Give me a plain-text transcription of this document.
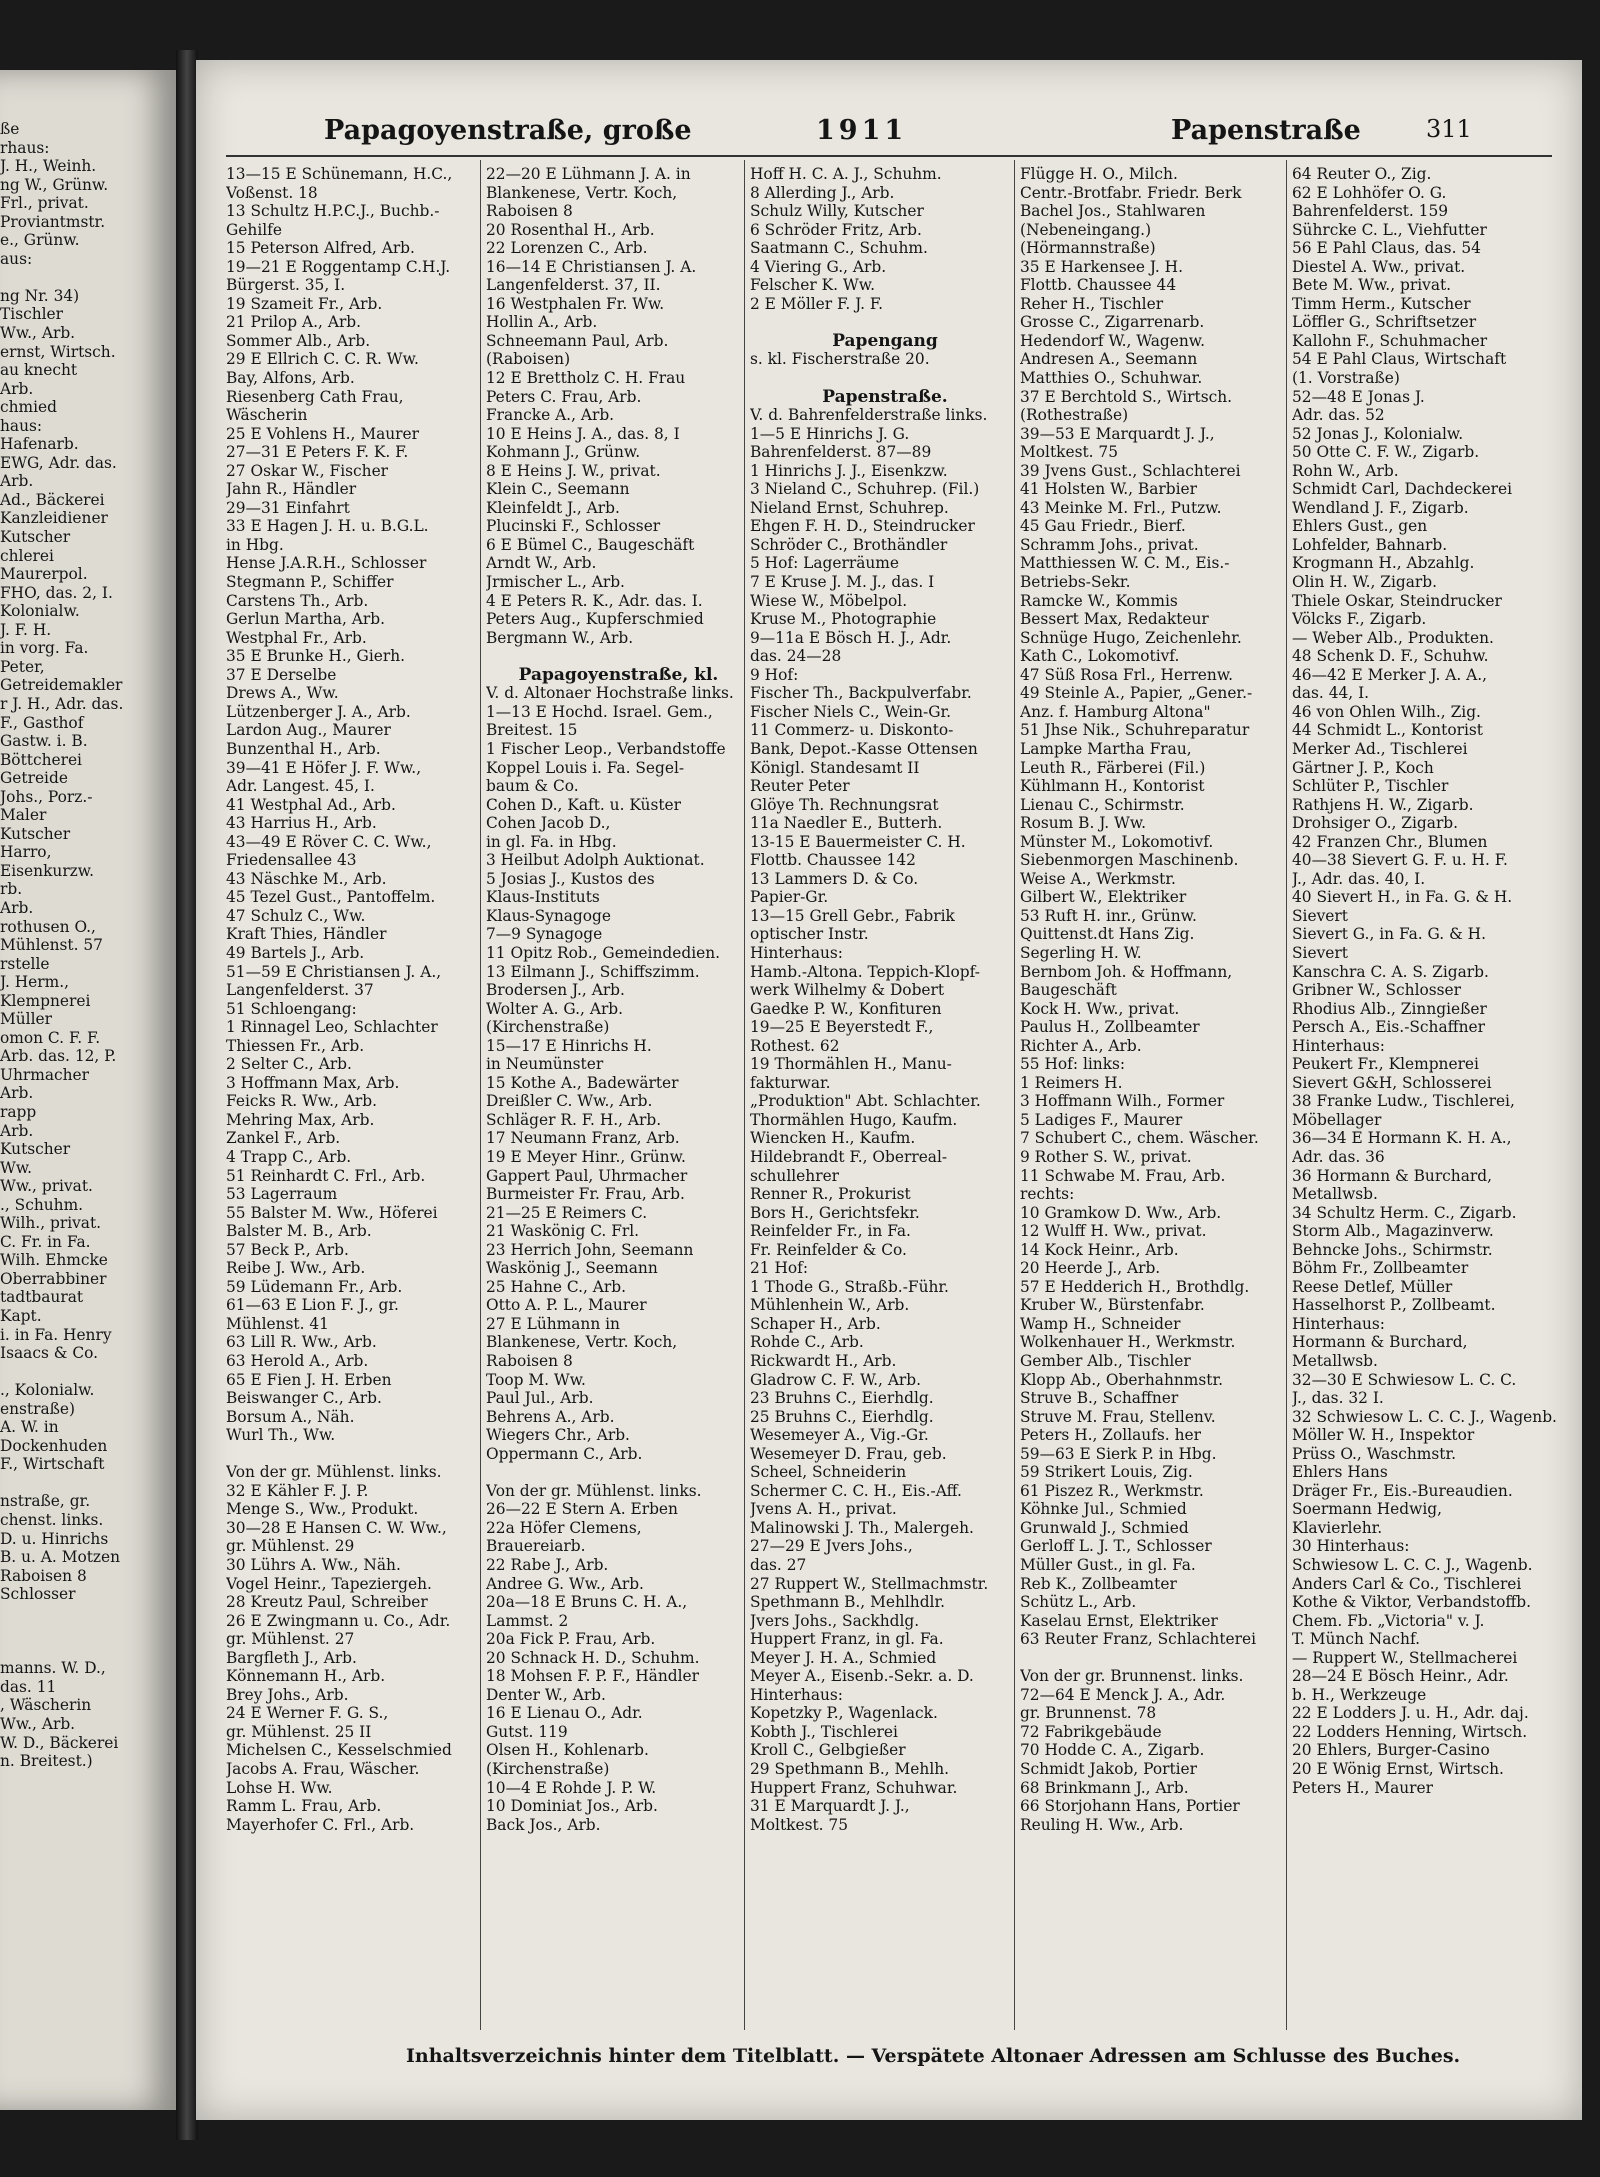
ße
rhaus:
J. H., Weinh.
ng W., Grünw.
Frl., privat.
Proviantmstr.
e., Grünw.
aus:
ng Nr. 34)
Tischler
Ww., Arb.
ernst, Wirtsch.
au knecht
Arb.
chmied
haus:
Hafenarb.
EWG, Adr. das.
Arb.
Ad., Bäckerei
Kanzleidiener
Kutscher
chlerei
Maurerpol.
FHO, das. 2, I.
Kolonialw.
J. F. H.
in vorg. Fa.
Peter,
Getreidemakler
r J. H., Adr. das.
F., Gasthof
Gastw. i. B.
Böttcherei
Getreide
Johs., Porz.-
Maler
Kutscher
Harro,
Eisenkurzw.
rb.
Arb.
rothusen O.,
Mühlenst. 57
rstelle
J. Herm.,
Klempnerei
Müller
omon C. F. F.
Arb. das. 12, P.
Uhrmacher
Arb.
rapp
Arb.
Kutscher
Ww.
Ww., privat.
., Schuhm.
Wilh., privat.
C. Fr. in Fa.
Wilh. Ehmcke
Oberrabbiner
tadtbaurat
Kapt.
i. in Fa. Henry
Isaacs & Co.
., Kolonialw.
enstraße)
A. W. in
Dockenhuden
F., Wirtschaft
nstraße, gr.
chenst. links.
D. u. Hinrichs
B. u. A. Motzen
Raboisen 8
Schlosser
manns. W. D.,
das. 11
, Wäscherin
Ww., Arb.
W. D., Bäckerei
n. Breitest.)
Papagoyenstraße, große	1911	Papenstraße	311
13—15 E Schünemann, H.C.,
Voßenst. 18
13 Schultz H.P.C.J., Buchb.-
Gehilfe
15 Peterson Alfred, Arb.
19—21 E Roggentamp C.H.J.
Bürgerst. 35, I.
19 Szameit Fr., Arb.
21 Prilop A., Arb.
Sommer Alb., Arb.
29 E Ellrich C. C. R. Ww.
Bay, Alfons, Arb.
Riesenberg Cath Frau,
Wäscherin
25 E Vohlens H., Maurer
27—31 E Peters F. K. F.
27 Oskar W., Fischer
Jahn R., Händler
29—31 Einfahrt
33 E Hagen J. H. u. B.G.L.
in Hbg.
Hense J.A.R.H., Schlosser
Stegmann P., Schiffer
Carstens Th., Arb.
Gerlun Martha, Arb.
Westphal Fr., Arb.
35 E Brunke H., Gierh.
37 E Derselbe
Drews A., Ww.
Lützenberger J. A., Arb.
Lardon Aug., Maurer
Bunzenthal H., Arb.
39—41 E Höfer J. F. Ww.,
Adr. Langest. 45, I.
41 Westphal Ad., Arb.
43 Harrius H., Arb.
43—49 E Röver C. C. Ww.,
Friedensallee 43
43 Näschke M., Arb.
45 Tezel Gust., Pantoffelm.
47 Schulz C., Ww.
Kraft Thies, Händler
49 Bartels J., Arb.
51—59 E Christiansen J. A.,
Langenfelderst. 37
51 Schloengang:
1 Rinnagel Leo, Schlachter
Thiessen Fr., Arb.
2 Selter C., Arb.
3 Hoffmann Max, Arb.
Feicks R. Ww., Arb.
Mehring Max, Arb.
Zankel F., Arb.
4 Trapp C., Arb.
51 Reinhardt C. Frl., Arb.
53 Lagerraum
55 Balster M. Ww., Höferei
Balster M. B., Arb.
57 Beck P., Arb.
Reibe J. Ww., Arb.
59 Lüdemann Fr., Arb.
61—63 E Lion F. J., gr.
Mühlenst. 41
63 Lill R. Ww., Arb.
63 Herold A., Arb.
65 E Fien J. H. Erben
Beiswanger C., Arb.
Borsum A., Näh.
Wurl Th., Ww.
Von der gr. Mühlenst. links.
32 E Kähler F. J. P.
Menge S., Ww., Produkt.
30—28 E Hansen C. W. Ww.,
gr. Mühlenst. 29
30 Lührs A. Ww., Näh.
Vogel Heinr., Tapeziergeh.
28 Kreutz Paul, Schreiber
26 E Zwingmann u. Co., Adr.
gr. Mühlenst. 27
Bargfleth J., Arb.
Könnemann H., Arb.
Brey Johs., Arb.
24 E Werner F. G. S.,
gr. Mühlenst. 25 II
Michelsen C., Kesselschmied
Jacobs A. Frau, Wäscher.
Lohse H. Ww.
Ramm L. Frau, Arb.
Mayerhofer C. Frl., Arb.
22—20 E Lühmann J. A. in
Blankenese, Vertr. Koch,
Raboisen 8
20 Rosenthal H., Arb.
22 Lorenzen C., Arb.
16—14 E Christiansen J. A.
Langenfelderst. 37, II.
16 Westphalen Fr. Ww.
Hollin A., Arb.
Schneemann Paul, Arb.
(Raboisen)
12 E Brettholz C. H. Frau
Peters C. Frau, Arb.
Francke A., Arb.
10 E Heins J. A., das. 8, I
Kohmann J., Grünw.
8 E Heins J. W., privat.
Klein C., Seemann
Kleinfeldt J., Arb.
Plucinski F., Schlosser
6 E Bümel C., Baugeschäft
Arndt W., Arb.
Jrmischer L., Arb.
4 E Peters R. K., Adr. das. I.
Peters Aug., Kupferschmied
Bergmann W., Arb.
Papagoyenstraße, kl.
V. d. Altonaer Hochstraße links.
1—13 E Hochd. Israel. Gem.,
Breitest. 15
1 Fischer Leop., Verbandstoffe
Koppel Louis i. Fa. Segel-
baum & Co.
Cohen D., Kaft. u. Küster
Cohen Jacob D.,
in gl. Fa. in Hbg.
3 Heilbut Adolph Auktionat.
5 Josias J., Kustos des
Klaus-Instituts
Klaus-Synagoge
7—9 Synagoge
11 Opitz Rob., Gemeindedien.
13 Eilmann J., Schiffszimm.
Brodersen J., Arb.
Wolter A. G., Arb.
(Kirchenstraße)
15—17 E Hinrichs H.
in Neumünster
15 Kothe A., Badewärter
Dreißler C. Ww., Arb.
Schläger R. F. H., Arb.
17 Neumann Franz, Arb.
19 E Meyer Hinr., Grünw.
Gappert Paul, Uhrmacher
Burmeister Fr. Frau, Arb.
21—25 E Reimers C.
21 Waskönig C. Frl.
23 Herrich John, Seemann
Waskönig J., Seemann
25 Hahne C., Arb.
Otto A. P. L., Maurer
27 E Lühmann in
Blankenese, Vertr. Koch,
Raboisen 8
Toop M. Ww.
Paul Jul., Arb.
Behrens A., Arb.
Wiegers Chr., Arb.
Oppermann C., Arb.
Von der gr. Mühlenst. links.
26—22 E Stern A. Erben
22a Höfer Clemens,
Brauereiarb.
22 Rabe J., Arb.
Andree G. Ww., Arb.
20a—18 E Bruns C. H. A.,
Lammst. 2
20a Fick P. Frau, Arb.
20 Schnack H. D., Schuhm.
18 Mohsen F. P. F., Händler
Denter W., Arb.
16 E Lienau O., Adr.
Gutst. 119
Olsen H., Kohlenarb.
(Kirchenstraße)
10—4 E Rohde J. P. W.
10 Dominiat Jos., Arb.
Back Jos., Arb.
Hoff H. C. A. J., Schuhm.
8 Allerding J., Arb.
Schulz Willy, Kutscher
6 Schröder Fritz, Arb.
Saatmann C., Schuhm.
4 Viering G., Arb.
Felscher K. Ww.
2 E Möller F. J. F.
Papengang
s. kl. Fischerstraße 20.
Papenstraße.
V. d. Bahrenfelderstraße links.
1—5 E Hinrichs J. G.
Bahrenfelderst. 87—89
1 Hinrichs J. J., Eisenkzw.
3 Nieland C., Schuhrep. (Fil.)
Nieland Ernst, Schuhrep.
Ehgen F. H. D., Steindrucker
Schröder C., Brothändler
5 Hof: Lagerräume
7 E Kruse J. M. J., das. I
Wiese W., Möbelpol.
Kruse M., Photographie
9—11a E Bösch H. J., Adr.
das. 24—28
9 Hof:
Fischer Th., Backpulverfabr.
Fischer Niels C., Wein-Gr.
11 Commerz- u. Diskonto-
Bank, Depot.-Kasse Ottensen
Königl. Standesamt II
Reuter Peter
Glöye Th. Rechnungsrat
11a Naedler E., Butterh.
13-15 E Bauermeister C. H.
Flottb. Chaussee 142
13 Lammers D. & Co.
Papier-Gr.
13—15 Grell Gebr., Fabrik
optischer Instr.
Hinterhaus:
Hamb.-Altona. Teppich-Klopf-
werk Wilhelmy & Dobert
Gaedke P. W., Konfituren
19—25 E Beyerstedt F.,
Rothest. 62
19 Thormählen H., Manu-
fakturwar.
„Produktion" Abt. Schlachter.
Thormählen Hugo, Kaufm.
Wiencken H., Kaufm.
Hildebrandt F., Oberreal-
schullehrer
Renner R., Prokurist
Bors H., Gerichtsfekr.
Reinfelder Fr., in Fa.
Fr. Reinfelder & Co.
21 Hof:
1 Thode G., Straßb.-Führ.
Mühlenhein W., Arb.
Schaper H., Arb.
Rohde C., Arb.
Rickwardt H., Arb.
Gladrow C. F. W., Arb.
23 Bruhns C., Eierhdlg.
25 Bruhns C., Eierhdlg.
Wesemeyer A., Vig.-Gr.
Wesemeyer D. Frau, geb.
Scheel, Schneiderin
Schermer C. C. H., Eis.-Aff.
Jvens A. H., privat.
Malinowski J. Th., Malergeh.
27—29 E Jvers Johs.,
das. 27
27 Ruppert W., Stellmachmstr.
Spethmann B., Mehlhdlr.
Jvers Johs., Sackhdlg.
Huppert Franz, in gl. Fa.
Meyer J. H. A., Schmied
Meyer A., Eisenb.-Sekr. a. D.
Hinterhaus:
Kopetzky P., Wagenlack.
Kobth J., Tischlerei
Kroll C., Gelbgießer
29 Spethmann B., Mehlh.
Huppert Franz, Schuhwar.
31 E Marquardt J. J.,
Moltkest. 75
Flügge H. O., Milch.
Centr.-Brotfabr. Friedr. Berk
Bachel Jos., Stahlwaren
(Nebeneingang.)
(Hörmannstraße)
35 E Harkensee J. H.
Flottb. Chaussee 44
Reher H., Tischler
Grosse C., Zigarrenarb.
Hedendorf W., Wagenw.
Andresen A., Seemann
Matthies O., Schuhwar.
37 E Berchtold S., Wirtsch.
(Rothestraße)
39—53 E Marquardt J. J.,
Moltkest. 75
39 Jvens Gust., Schlachterei
41 Holsten W., Barbier
43 Meinke M. Frl., Putzw.
45 Gau Friedr., Bierf.
Schramm Johs., privat.
Matthiessen W. C. M., Eis.-
Betriebs-Sekr.
Ramcke W., Kommis
Bessert Max, Redakteur
Schnüge Hugo, Zeichenlehr.
Kath C., Lokomotivf.
47 Süß Rosa Frl., Herrenw.
49 Steinle A., Papier, „Gener.-
Anz. f. Hamburg Altona"
51 Jhse Nik., Schuhreparatur
Lampke Martha Frau,
Leuth R., Färberei (Fil.)
Kühlmann H., Kontorist
Lienau C., Schirmstr.
Rosum B. J. Ww.
Münster M., Lokomotivf.
Siebenmorgen Maschinenb.
Weise A., Werkmstr.
Gilbert W., Elektriker
53 Ruft H. inr., Grünw.
Quittenst.dt Hans Zig.
Segerling H. W.
Bernbom Joh. & Hoffmann,
Baugeschäft
Kock H. Ww., privat.
Paulus H., Zollbeamter
Richter A., Arb.
55 Hof: links:
1 Reimers H.
3 Hoffmann Wilh., Former
5 Ladiges F., Maurer
7 Schubert C., chem. Wäscher.
9 Rother S. W., privat.
11 Schwabe M. Frau, Arb.
rechts:
10 Gramkow D. Ww., Arb.
12 Wulff H. Ww., privat.
14 Kock Heinr., Arb.
20 Heerde J., Arb.
57 E Hedderich H., Brothdlg.
Kruber W., Bürstenfabr.
Wamp H., Schneider
Wolkenhauer H., Werkmstr.
Gember Alb., Tischler
Klopp Ab., Oberhahnmstr.
Struve B., Schaffner
Struve M. Frau, Stellenv.
Peters H., Zollaufs. her
59—63 E Sierk P. in Hbg.
59 Strikert Louis, Zig.
61 Piszez R., Werkmstr.
Köhnke Jul., Schmied
Grunwald J., Schmied
Gerloff L. J. T., Schlosser
Müller Gust., in gl. Fa.
Reb K., Zollbeamter
Schütz L., Arb.
Kaselau Ernst, Elektriker
63 Reuter Franz, Schlachterei
Von der gr. Brunnenst. links.
72—64 E Menck J. A., Adr.
gr. Brunnenst. 78
72 Fabrikgebäude
70 Hodde C. A., Zigarb.
Schmidt Jakob, Portier
68 Brinkmann J., Arb.
66 Storjohann Hans, Portier
Reuling H. Ww., Arb.
64 Reuter O., Zig.
62 E Lohhöfer O. G.
Bahrenfelderst. 159
Sührcke C. L., Viehfutter
56 E Pahl Claus, das. 54
Diestel A. Ww., privat.
Bete M. Ww., privat.
Timm Herm., Kutscher
Löffler G., Schriftsetzer
Kallohn F., Schuhmacher
54 E Pahl Claus, Wirtschaft
(1. Vorstraße)
52—48 E Jonas J.
Adr. das. 52
52 Jonas J., Kolonialw.
50 Otte C. F. W., Zigarb.
Rohn W., Arb.
Schmidt Carl, Dachdeckerei
Wendland J. F., Zigarb.
Ehlers Gust., gen
Lohfelder, Bahnarb.
Krogmann H., Abzahlg.
Olin H. W., Zigarb.
Thiele Oskar, Steindrucker
Völcks F., Zigarb.
— Weber Alb., Produkten.
48 Schenk D. F., Schuhw.
46—42 E Merker J. A. A.,
das. 44, I.
46 von Ohlen Wilh., Zig.
44 Schmidt L., Kontorist
Merker Ad., Tischlerei
Gärtner J. P., Koch
Schlüter P., Tischler
Rathjens H. W., Zigarb.
Drohsiger O., Zigarb.
42 Franzen Chr., Blumen
40—38 Sievert G. F. u. H. F.
J., Adr. das. 40, I.
40 Sievert H., in Fa. G. & H.
Sievert
Sievert G., in Fa. G. & H.
Sievert
Kanschra C. A. S. Zigarb.
Gribner W., Schlosser
Rhodius Alb., Zinngießer
Persch A., Eis.-Schaffner
Hinterhaus:
Peukert Fr., Klempnerei
Sievert G&H, Schlosserei
38 Franke Ludw., Tischlerei,
Möbellager
36—34 E Hormann K. H. A.,
Adr. das. 36
36 Hormann & Burchard,
Metallwsb.
34 Schultz Herm. C., Zigarb.
Storm Alb., Magazinverw.
Behncke Johs., Schirmstr.
Böhm Fr., Zollbeamter
Reese Detlef, Müller
Hasselhorst P., Zollbeamt.
Hinterhaus:
Hormann & Burchard,
Metallwsb.
32—30 E Schwiesow L. C. C.
J., das. 32 I.
32 Schwiesow L. C. C. J., Wagenb.
Möller W. H., Inspektor
Prüss O., Waschmstr.
Ehlers Hans
Dräger Fr., Eis.-Bureaudien.
Soermann Hedwig,
Klavierlehr.
30 Hinterhaus:
Schwiesow L. C. C. J., Wagenb.
Anders Carl & Co., Tischlerei
Kothe & Viktor, Verbandstoffb.
Chem. Fb. „Victoria" v. J.
T. Münch Nachf.
— Ruppert W., Stellmacherei
28—24 E Bösch Heinr., Adr.
b. H., Werkzeuge
22 E Lodders J. u. H., Adr. daj.
22 Lodders Henning, Wirtsch.
20 Ehlers, Burger-Casino
20 E Wönig Ernst, Wirtsch.
Peters H., Maurer
Inhaltsverzeichnis hinter dem Titelblatt. — Verspätete Altonaer Adressen am Schlusse des Buches.
